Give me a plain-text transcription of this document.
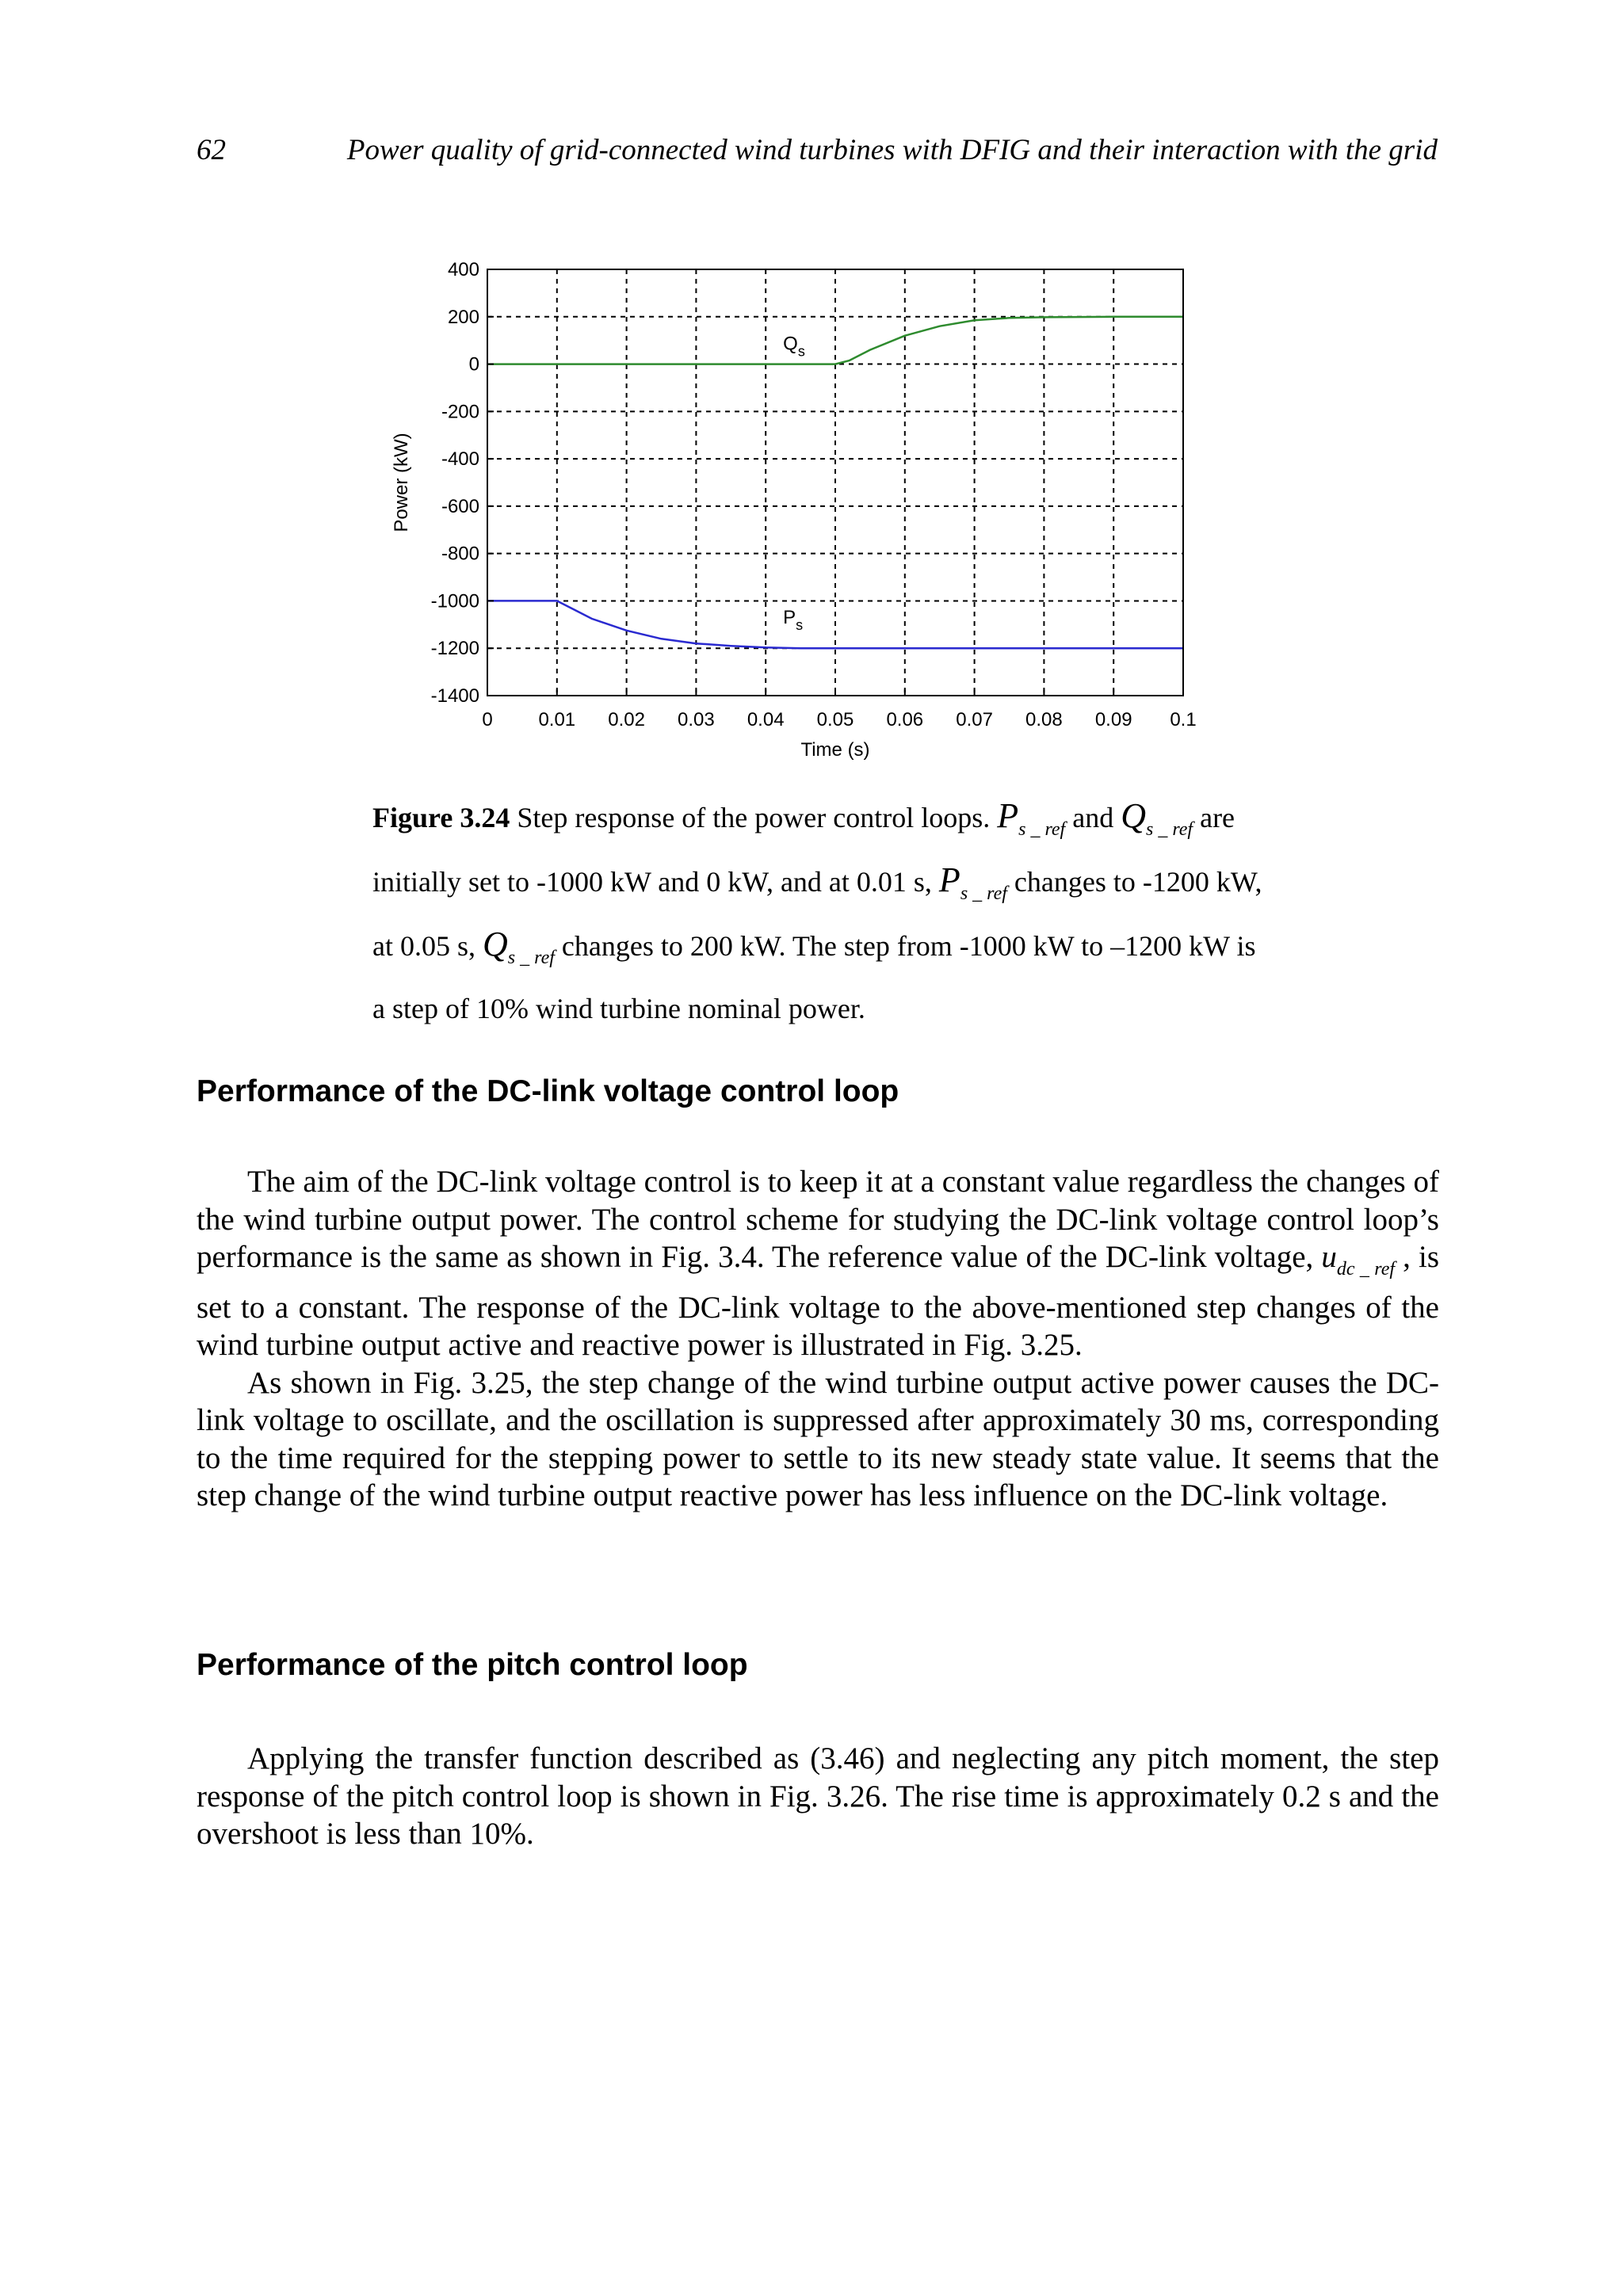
62	Power quality of grid-connected wind turbines with DFIG and their interaction with the grid
$Q_s$
$P_s$
0 0.01 0.02 0.03 0.04 0.05 0.06 0.07 0.08 0.09 0.1
400
200
0
-200
-400
-600
-800
-1000
-1200
-1400
Time (s)
Power (kW)
Figure 3.24 Step response of the power control loops. $P_{s \_ ref}$ and $Q_{s \_ ref}$ are initially set to -1000 kW and 0 kW, and at 0.01 s, $P_{s \_ ref}$ changes to -1200 kW, at 0.05 s, $Q_{s \_ ref}$ changes to 200 kW. The step from -1000 kW to –1200 kW is a step of 10% wind turbine nominal power.
Performance of the DC-link voltage control loop

The aim of the DC-link voltage control is to keep it at a constant value regardless the changes of the wind turbine output power. The control scheme for studying the DC-link voltage control loop’s performance is the same as shown in Fig. 3.4. The reference value of the DC-link voltage, $u_{dc \_ ref}$ , is set to a constant. The response of the DC-link voltage to the above-mentioned step changes of the wind turbine output active and reactive power is illustrated in Fig. 3.25.

As shown in Fig. 3.25, the step change of the wind turbine output active power causes the DC-link voltage to oscillate, and the oscillation is suppressed after approximately 30 ms, corresponding to the time required for the stepping power to settle to its new steady state value. It seems that the step change of the wind turbine output reactive power has less influence on the DC-link voltage.

Performance of the pitch control loop

Applying the transfer function described as (3.46) and neglecting any pitch moment, the step response of the pitch control loop is shown in Fig. 3.26. The rise time is approximately 0.2 s and the overshoot is less than 10%.
